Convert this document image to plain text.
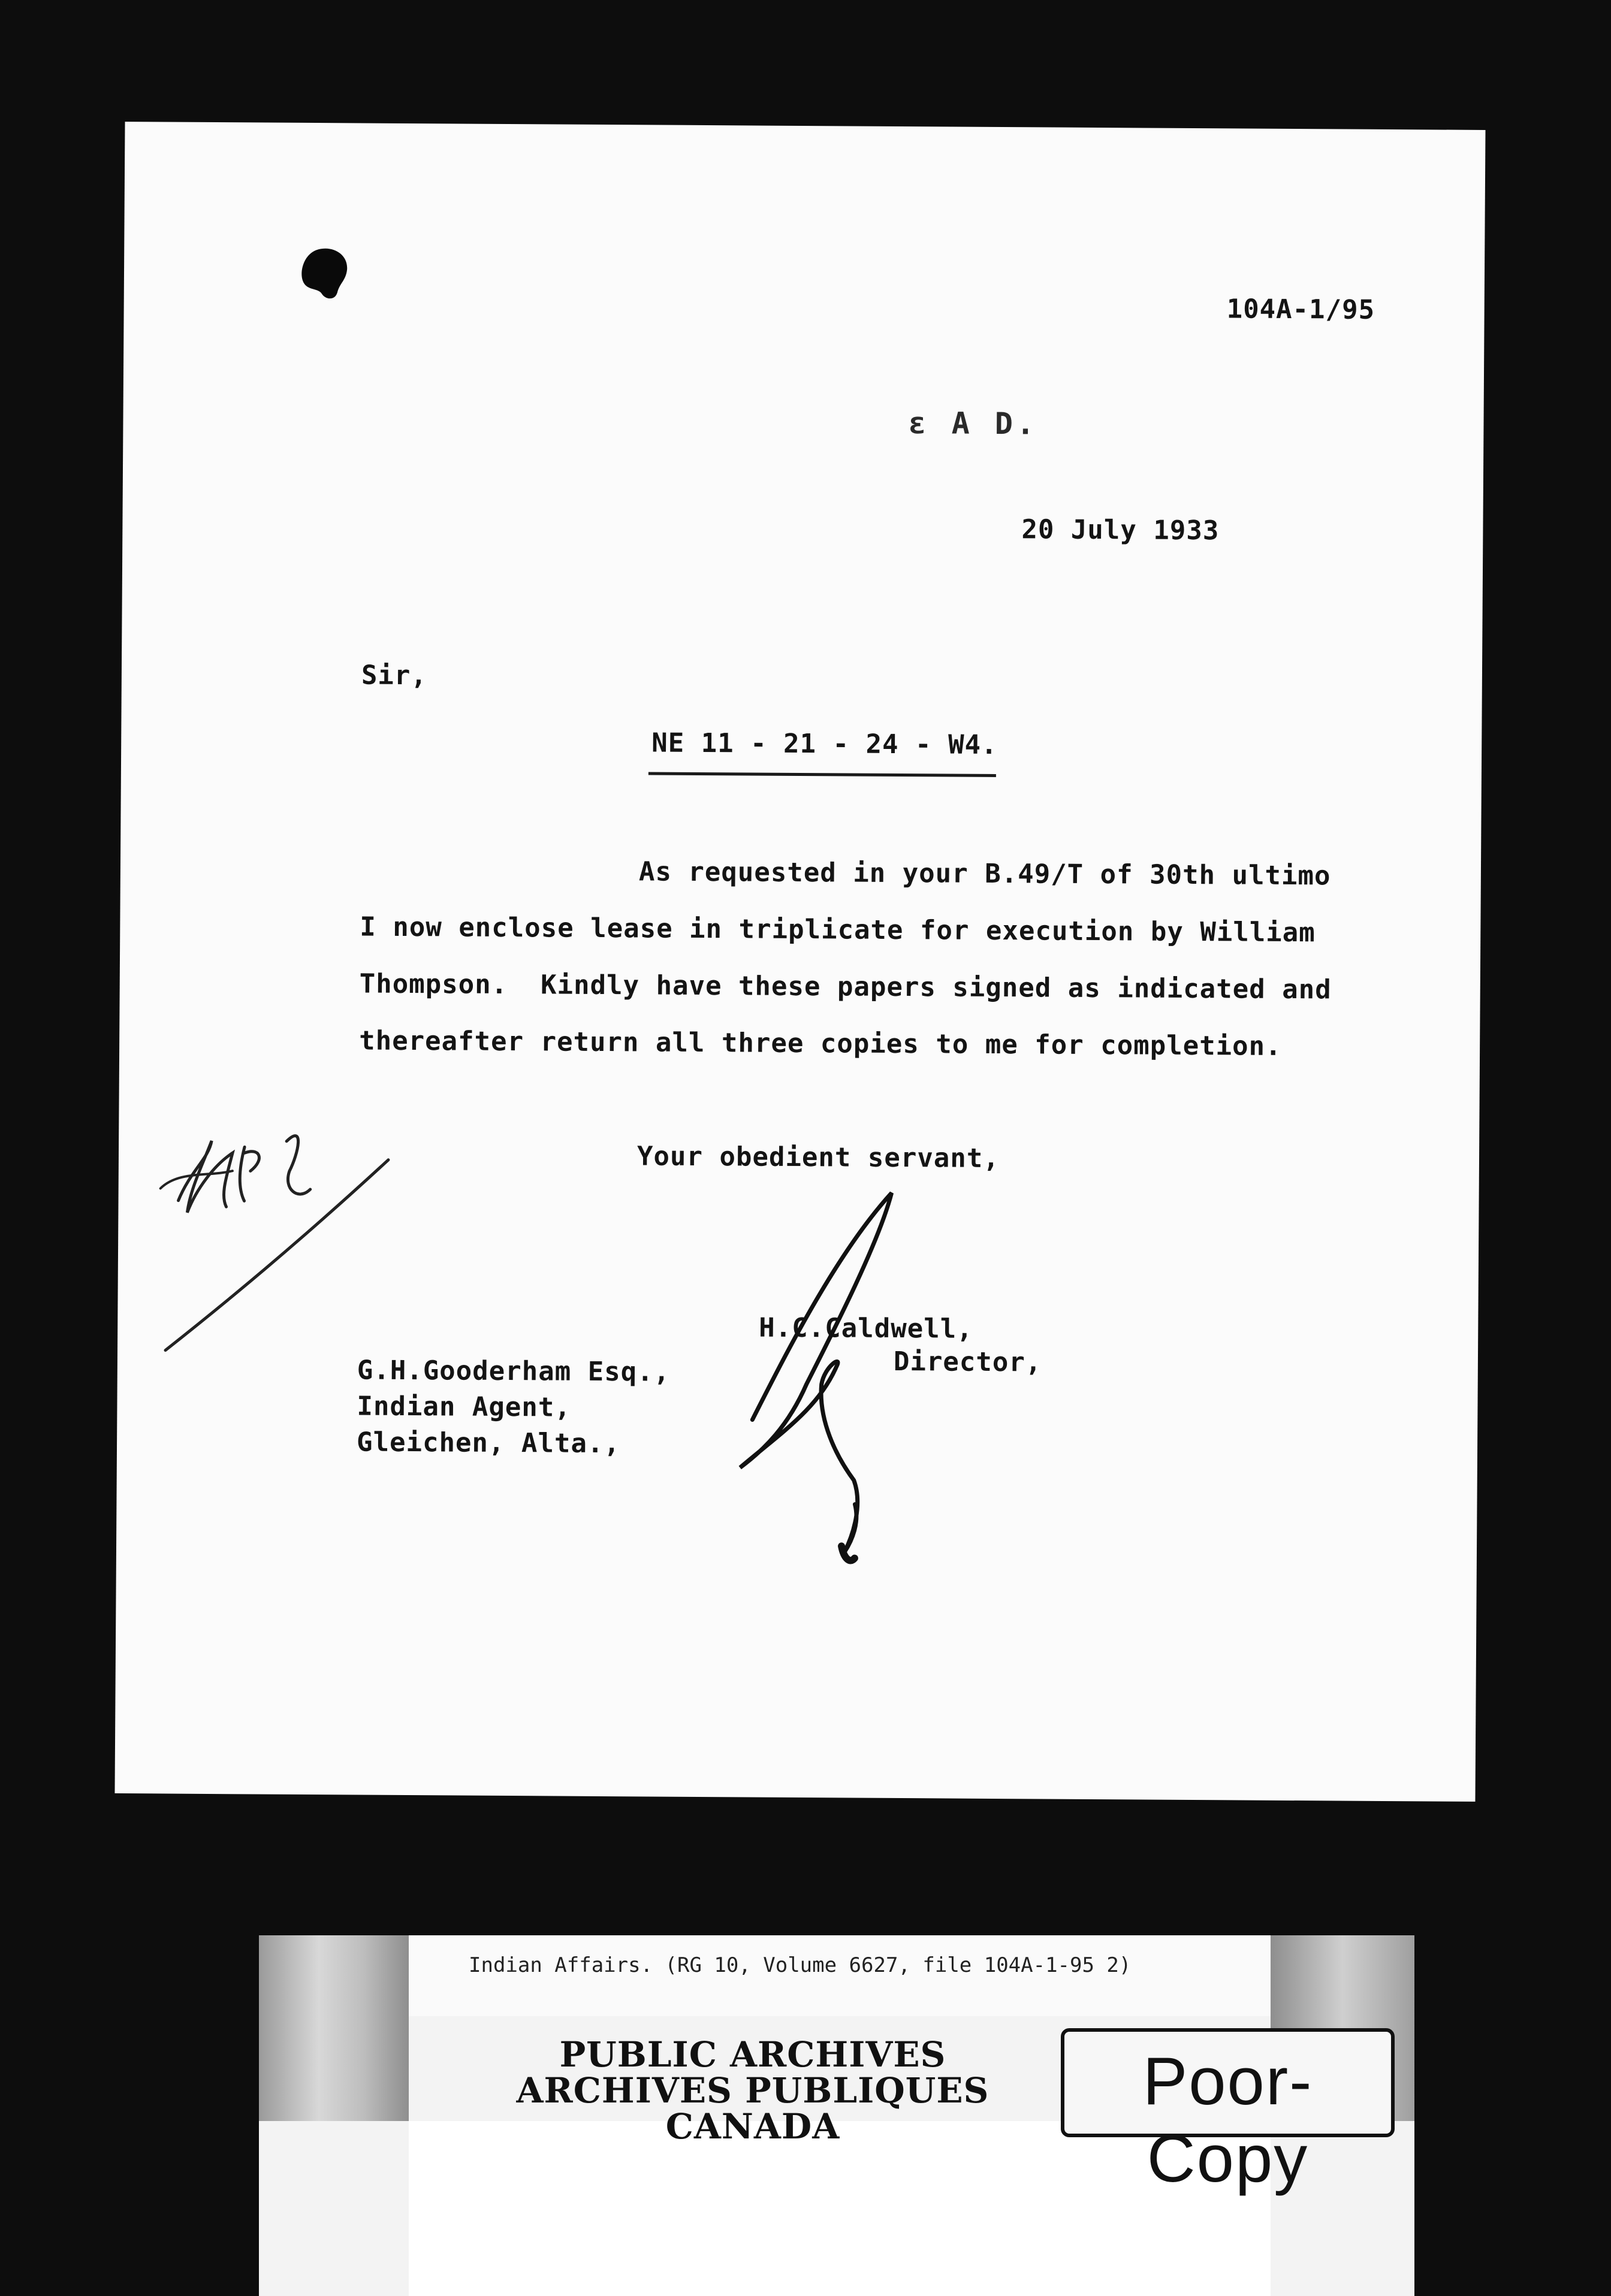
104A-1/95
ε A D.
20 July 1933
Sir,
NE 11 - 21 - 24 - W4.
As requested in your B.49/T of 30th ultimo
I now enclose lease in triplicate for execution by William
Thompson.  Kindly have these papers signed as indicated and
thereafter return all three copies to me for completion.
Your obedient servant,
H.C.Caldwell,
Director,
G.H.Gooderham Esq.,
Indian Agent,
Gleichen, Alta.,
Indian Affairs. (RG 10, Volume 6627, file 104A-1-95 2)
PUBLIC ARCHIVES
ARCHIVES PUBLIQUES
CANADA
Poor-Copy
